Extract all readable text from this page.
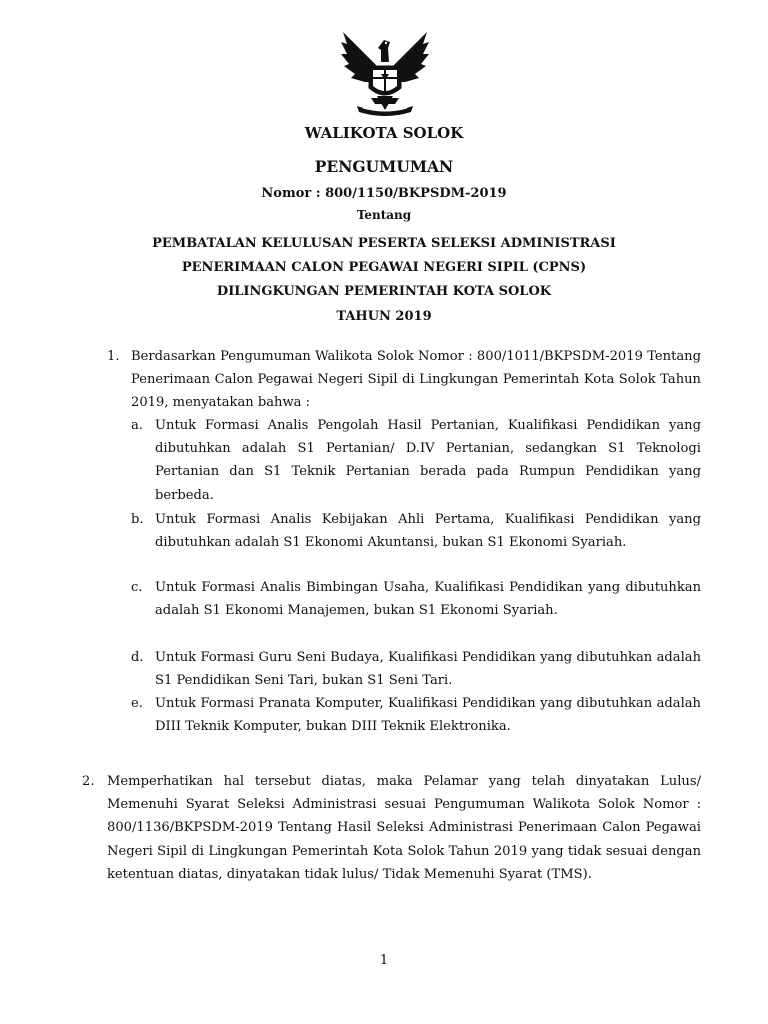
WALIKOTA SOLOK
PENGUMUMAN
Nomor : 800/1150/BKPSDM-2019
Tentang
PEMBATALAN KELULUSAN PESERTA SELEKSI ADMINISTRASI
PENERIMAAN CALON PEGAWAI NEGERI SIPIL (CPNS)
DILINGKUNGAN PEMERINTAH KOTA SOLOK
TAHUN 2019
1. Berdasarkan Pengumuman Walikota Solok Nomor : 800/1011/BKPSDM-2019 Tentang Penerimaan Calon Pegawai Negeri Sipil di Lingkungan Pemerintah Kota Solok Tahun 2019, menyatakan bahwa :
a. Untuk Formasi Analis Pengolah Hasil Pertanian, Kualifikasi Pendidikan yang dibutuhkan adalah S1 Pertanian/ D.IV Pertanian, sedangkan S1 Teknologi Pertanian dan S1 Teknik Pertanian berada pada Rumpun Pendidikan yang berbeda.
b. Untuk Formasi Analis Kebijakan Ahli Pertama, Kualifikasi Pendidikan yang dibutuhkan adalah S1 Ekonomi Akuntansi, bukan S1 Ekonomi Syariah.
c. Untuk Formasi Analis Bimbingan Usaha, Kualifikasi Pendidikan yang dibutuhkan adalah S1 Ekonomi Manajemen, bukan S1 Ekonomi Syariah.
d. Untuk Formasi Guru Seni Budaya, Kualifikasi Pendidikan yang dibutuhkan adalah S1 Pendidikan Seni Tari, bukan S1 Seni Tari.
e. Untuk Formasi Pranata Komputer, Kualifikasi Pendidikan yang dibutuhkan adalah DIII Teknik Komputer, bukan DIII Teknik Elektronika.
2. Memperhatikan hal tersebut diatas, maka Pelamar yang telah dinyatakan Lulus/ Memenuhi Syarat Seleksi Administrasi sesuai Pengumuman Walikota Solok Nomor : 800/1136/BKPSDM-2019 Tentang Hasil Seleksi Administrasi Penerimaan Calon Pegawai Negeri Sipil di Lingkungan Pemerintah Kota Solok Tahun 2019 yang tidak sesuai dengan ketentuan diatas, dinyatakan tidak lulus/ Tidak Memenuhi Syarat (TMS).
1
